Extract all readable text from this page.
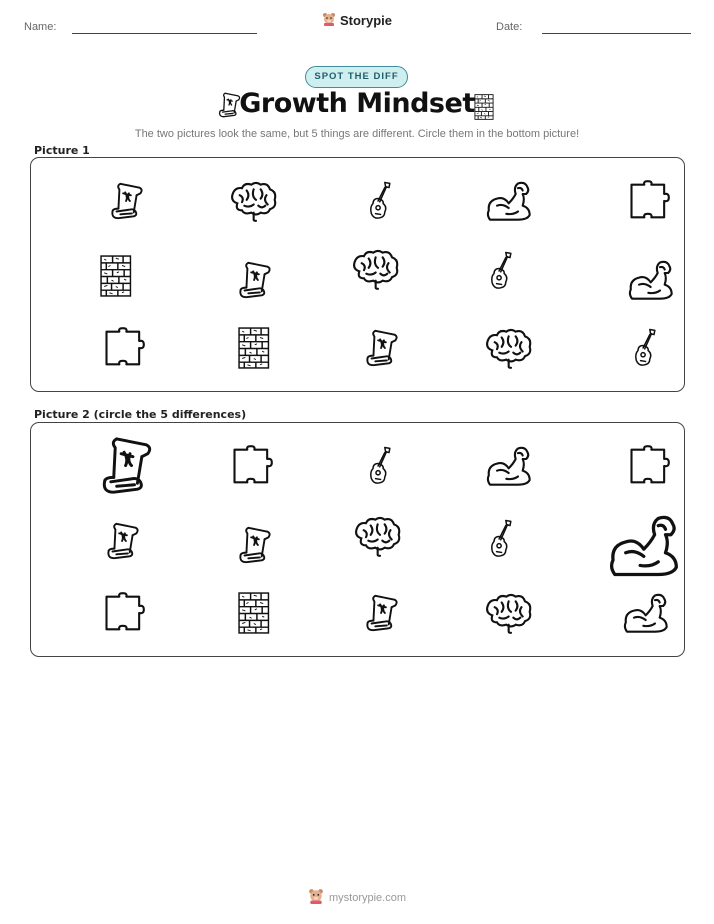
Name:	Storypie	Date:
SPOT THE DIFF
Growth Mindset
The two pictures look the same, but 5 things are different. Circle them in the bottom picture!
Picture 1
Picture 2 (circle the 5 differences)
mystorypie.com
